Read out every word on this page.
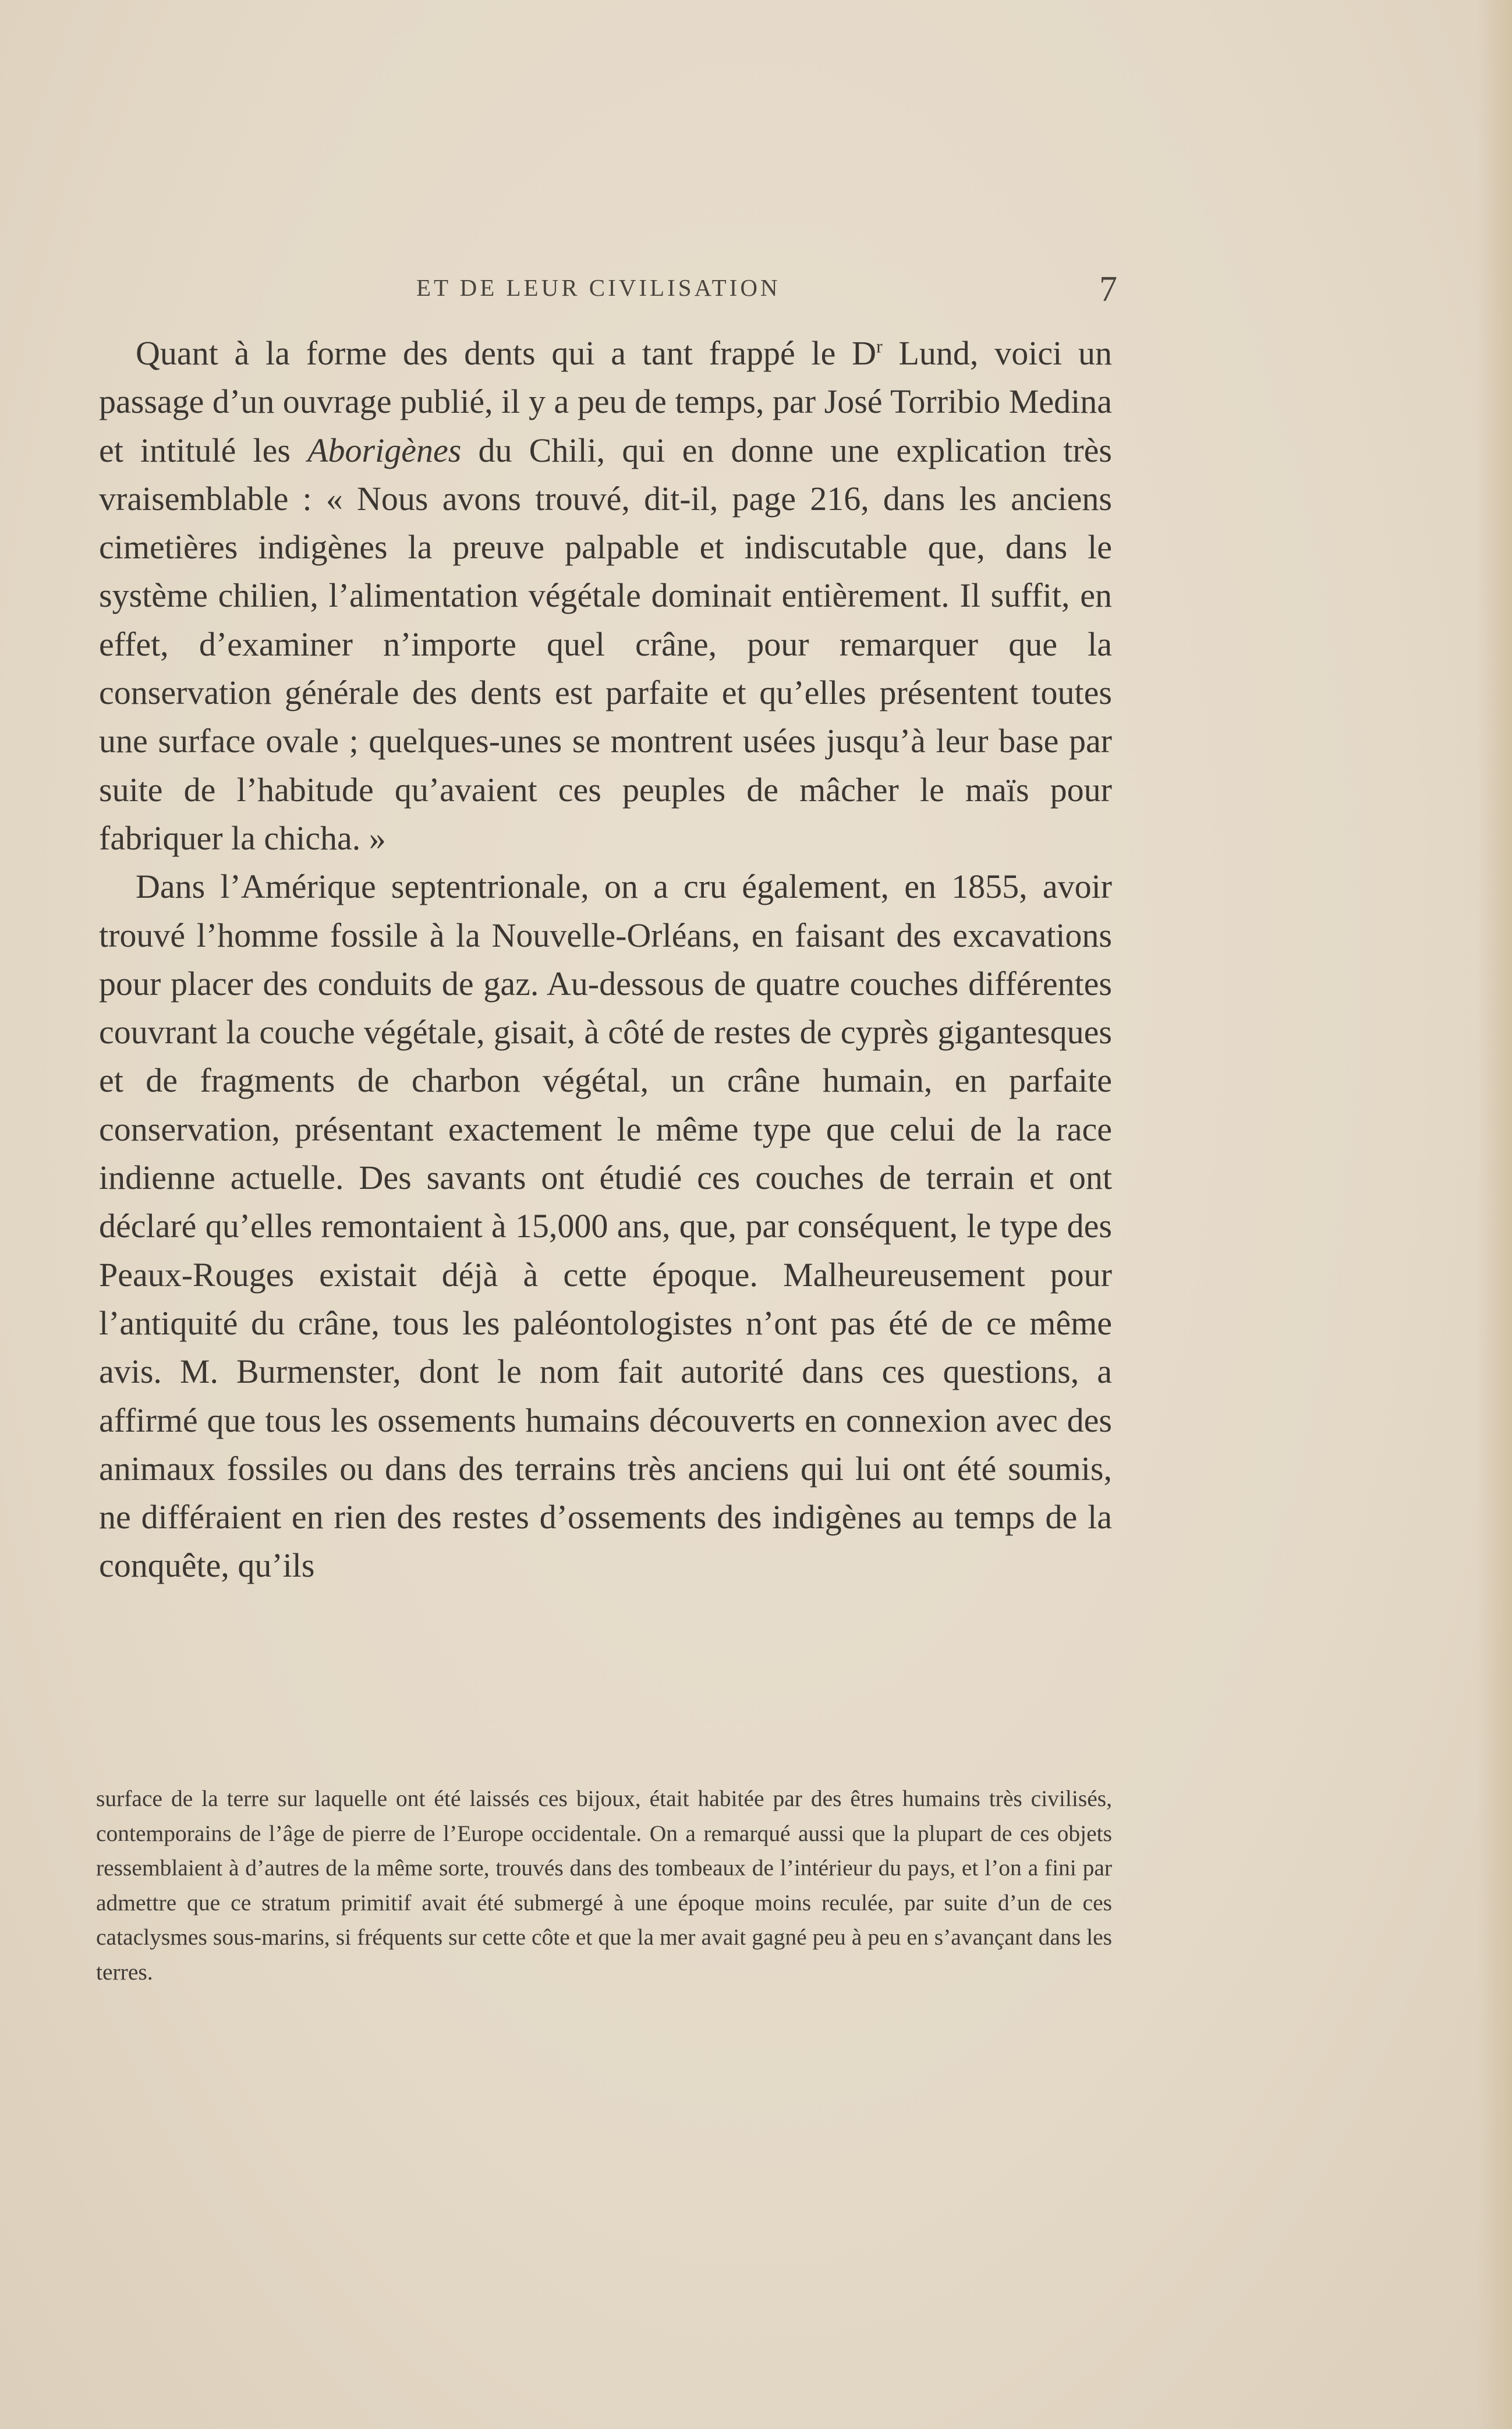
ET DE LEUR CIVILISATION	7

Quant à la forme des dents qui a tant frappé le $D^r$ Lund, voici un passage d’un ouvrage publié, il y a peu de temps, par José Torribio Medina et intitulé les Aborigènes du Chili, qui en donne une explication très vraisemblable : « Nous avons trouvé, dit-il, page 216, dans les anciens cimetières indigènes la preuve palpable et indiscutable que, dans le système chilien, l’alimentation végétale dominait entièrement. Il suffit, en effet, d’examiner n’importe quel crâne, pour remarquer que la conservation générale des dents est parfaite et qu’elles présentent toutes une surface ovale ; quelques-unes se montrent usées jusqu’à leur base par suite de l’habitude qu’avaient ces peuples de mâcher le maïs pour fabriquer la chicha. »

Dans l’Amérique septentrionale, on a cru également, en 1855, avoir trouvé l’homme fossile à la Nouvelle-Orléans, en faisant des excavations pour placer des conduits de gaz. Au-dessous de quatre couches différentes couvrant la couche végétale, gisait, à côté de restes de cyprès gigantesques et de fragments de charbon végétal, un crâne humain, en parfaite conservation, présentant exactement le même type que celui de la race indienne actuelle. Des savants ont étudié ces couches de terrain et ont déclaré qu’elles remontaient à 15,000 ans, que, par conséquent, le type des Peaux-Rouges existait déjà à cette époque. Malheureusement pour l’antiquité du crâne, tous les paléontologistes n’ont pas été de ce même avis. M. Burmenster, dont le nom fait autorité dans ces questions, a affirmé que tous les ossements humains découverts en connexion avec des animaux fossiles ou dans des terrains très anciens qui lui ont été soumis, ne différaient en rien des restes d’ossements des indigènes au temps de la conquête, qu’ils

surface de la terre sur laquelle ont été laissés ces bijoux, était habitée par des êtres humains très civilisés, contemporains de l’âge de pierre de l’Europe occidentale. On a remarqué aussi que la plupart de ces objets ressemblaient à d’autres de la même sorte, trouvés dans des tombeaux de l’intérieur du pays, et l’on a fini par admettre que ce stratum primitif avait été submergé à une époque moins reculée, par suite d’un de ces cataclysmes sous-marins, si fréquents sur cette côte et que la mer avait gagné peu à peu en s’avançant dans les terres.
